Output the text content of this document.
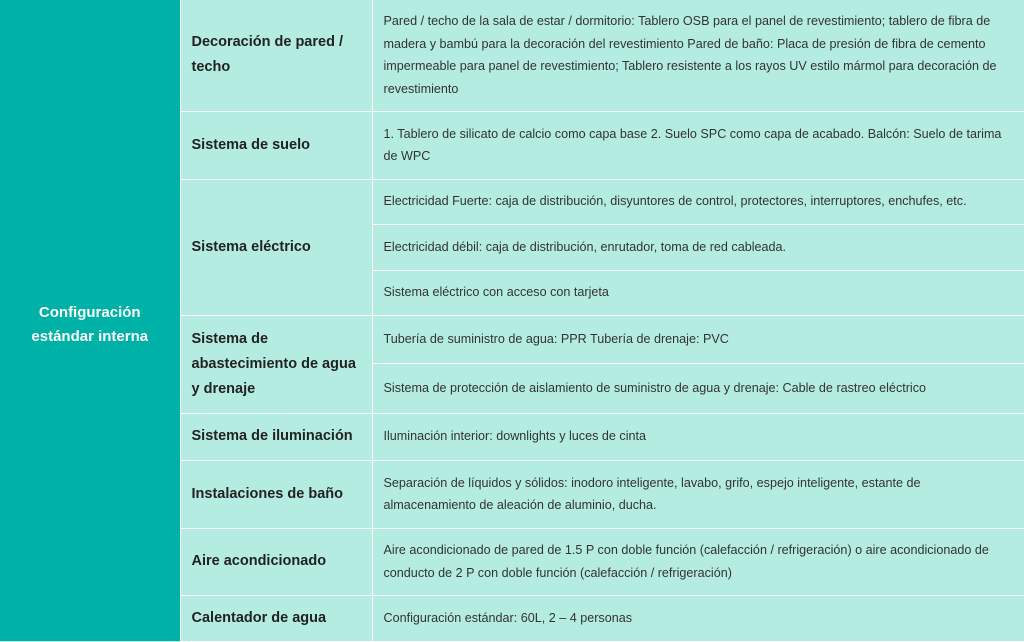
Configuración estándar interna	Decoración de pared / techo	Pared / techo de la sala de estar / dormitorio: Tablero OSB para el panel de revestimiento; tablero de fibra de madera y bambú para la decoración del revestimiento Pared de baño: Placa de presión de fibra de cemento impermeable para panel de revestimiento; Tablero resistente a los rayos UV estilo mármol para decoración de revestimiento
	Sistema de suelo	1. Tablero de silicato de calcio como capa base 2. Suelo SPC como capa de acabado. Balcón: Suelo de tarima de WPC
	Sistema eléctrico	Electricidad Fuerte: caja de distribución, disyuntores de control, protectores, interruptores, enchufes, etc.
		Electricidad débil: caja de distribución, enrutador, toma de red cableada.
		Sistema eléctrico con acceso con tarjeta
	Sistema de abastecimiento de agua y drenaje	Tubería de suministro de agua: PPR Tubería de drenaje: PVC
		Sistema de protección de aislamiento de suministro de agua y drenaje: Cable de rastreo eléctrico
	Sistema de iluminación	Iluminación interior: downlights y luces de cinta
	Instalaciones de baño	Separación de líquidos y sólidos: inodoro inteligente, lavabo, grifo, espejo inteligente, estante de almacenamiento de aleación de aluminio, ducha.
	Aire acondicionado	Aire acondicionado de pared de 1.5 P con doble función (calefacción / refrigeración) o aire acondicionado de conducto de 2 P con doble función (calefacción / refrigeración)
	Calentador de agua	Configuración estándar: 60L, 2 – 4 personas
